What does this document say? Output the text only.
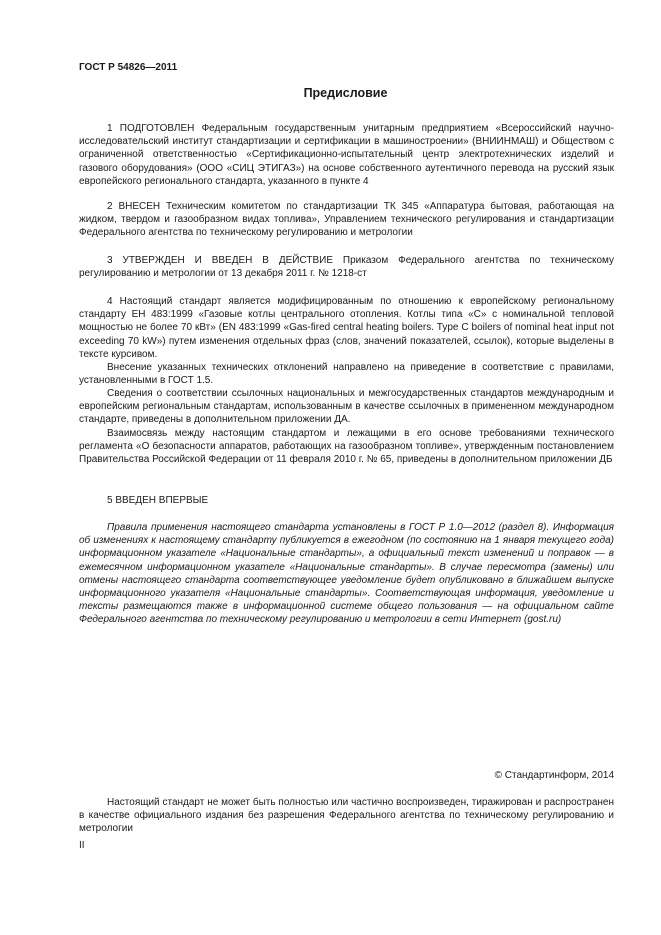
ГОСТ Р 54826—2011
Предисловие

1 ПОДГОТОВЛЕН Федеральным государственным унитарным предприятием «Всероссийский научно-исследовательский институт стандартизации и сертификации в машиностроении» (ВНИИНМАШ) и Обществом с ограниченной ответственностью «Сертификационно-испытательный центр электротехнических изделий и газового оборудования» (ООО «СИЦ ЭТИГАЗ») на основе собственного аутентичного перевода на русский язык европейского регионального стандарта, указанного в пункте 4

2 ВНЕСЕН Техническим комитетом по стандартизации ТК 345 «Аппаратура бытовая, работающая на жидком, твердом и газообразном видах топлива», Управлением технического регулирования и стандартизации Федерального агентства по техническому регулированию и метрологии

3 УТВЕРЖДЕН И ВВЕДЕН В ДЕЙСТВИЕ Приказом Федерального агентства по техническому регулированию и метрологии от 13 декабря 2011 г. № 1218-ст

4 Настоящий стандарт является модифицированным по отношению к европейскому региональному стандарту ЕН 483:1999 «Газовые котлы центрального отопления. Котлы типа «С» с номинальной тепловой мощностью не более 70 кВт» (EN 483:1999 «Gas-fired central heating boilers. Type C boilers of nominal heat input not exceeding 70 kW») путем изменения отдельных фраз (слов, значений показателей, ссылок), которые выделены в тексте курсивом.

Внесение указанных технических отклонений направлено на приведение в соответствие с правилами, установленными в ГОСТ 1.5.

Сведения о соответствии ссылочных национальных и межгосударственных стандартов международным и европейским региональным стандартам, использованным в качестве ссылочных в примененном международном стандарте, приведены в дополнительном приложении ДА.

Взаимосвязь между настоящим стандартом и лежащими в его основе требованиями технического регламента «О безопасности аппаратов, работающих на газообразном топливе», утвержденным постановлением Правительства Российской Федерации от 11 февраля 2010 г. № 65, приведены в дополнительном приложении ДБ

5 ВВЕДЕН ВПЕРВЫЕ

Правила применения настоящего стандарта установлены в ГОСТ Р 1.0—2012 (раздел 8). Информация об изменениях к настоящему стандарту публикуется в ежегодном (по состоянию на 1 января текущего года) информационном указателе «Национальные стандарты», а официальный текст изменений и поправок — в ежемесячном информационном указателе «Национальные стандарты». В случае пересмотра (замены) или отмены настоящего стандарта соответствующее уведомление будет опубликовано в ближайшем выпуске информационного указателя «Национальные стандарты». Соответствующая информация, уведомление и тексты размещаются также в информационной системе общего пользования — на официальном сайте Федерального агентства по техническому регулированию и метрологии в сети Интернет (gost.ru)

© Стандартинформ, 2014

Настоящий стандарт не может быть полностью или частично воспроизведен, тиражирован и распространен в качестве официального издания без разрешения Федерального агентства по техническому регулированию и метрологии

II
